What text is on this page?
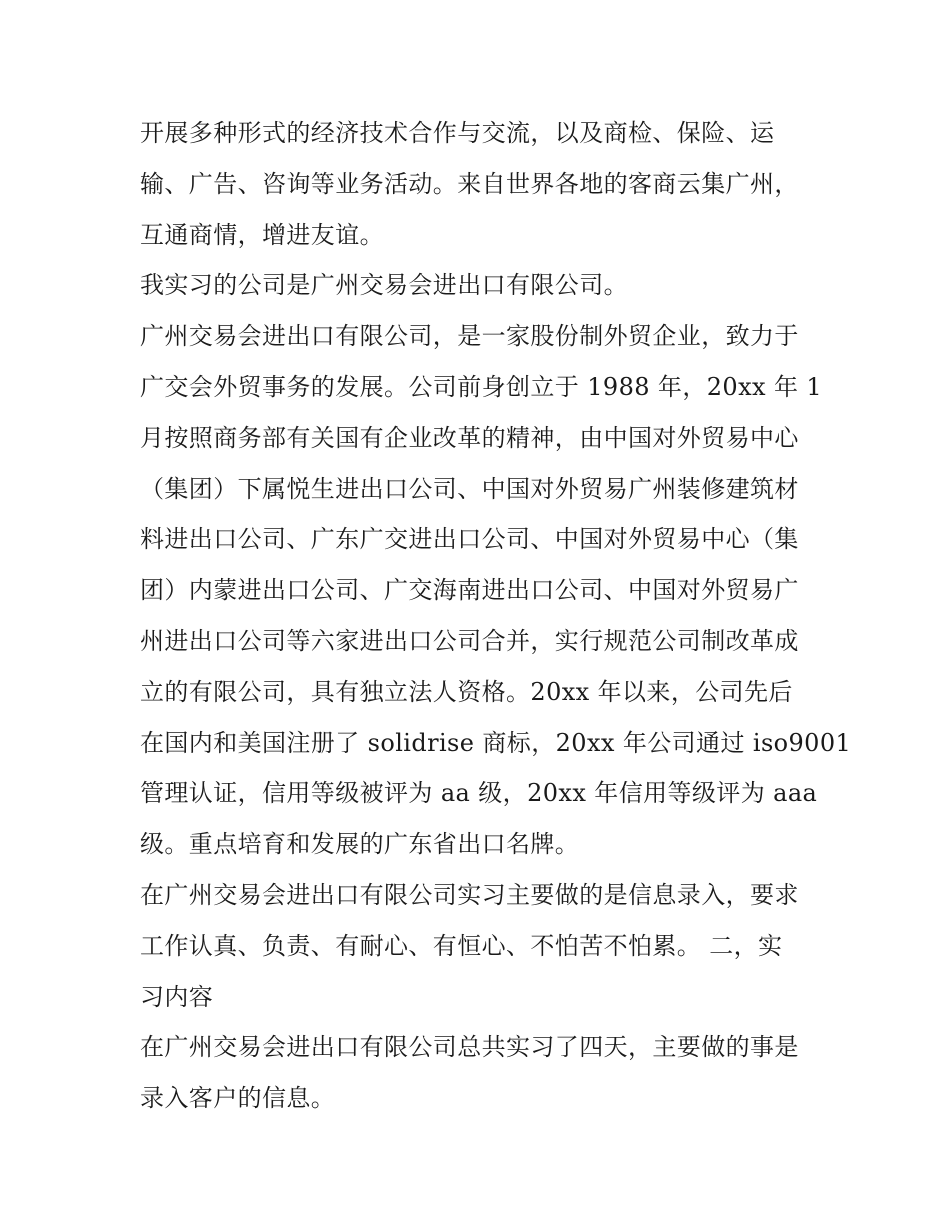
开展多种形式的经济技术合作与交流，以及商检、保险、运
输、广告、咨询等业务活动。来自世界各地的客商云集广州，
互通商情，增进友谊。
我实习的公司是广州交易会进出口有限公司。
广州交易会进出口有限公司，是一家股份制外贸企业，致力于
广交会外贸事务的发展。公司前身创立于 1988 年，20xx 年 1
月按照商务部有关国有企业改革的精神，由中国对外贸易中心
（集团）下属悦生进出口公司、中国对外贸易广州装修建筑材
料进出口公司、广东广交进出口公司、中国对外贸易中心（集
团）内蒙进出口公司、广交海南进出口公司、中国对外贸易广
州进出口公司等六家进出口公司合并，实行规范公司制改革成
立的有限公司，具有独立法人资格。20xx 年以来，公司先后
在国内和美国注册了 solidrise 商标，20xx 年公司通过 iso9001
管理认证，信用等级被评为 aa 级，20xx 年信用等级评为 aaa
级。重点培育和发展的广东省出口名牌。
在广州交易会进出口有限公司实习主要做的是信息录入，要求
工作认真、负责、有耐心、有恒心、不怕苦不怕累。 二，实
习内容
在广州交易会进出口有限公司总共实习了四天，主要做的事是
录入客户的信息。
